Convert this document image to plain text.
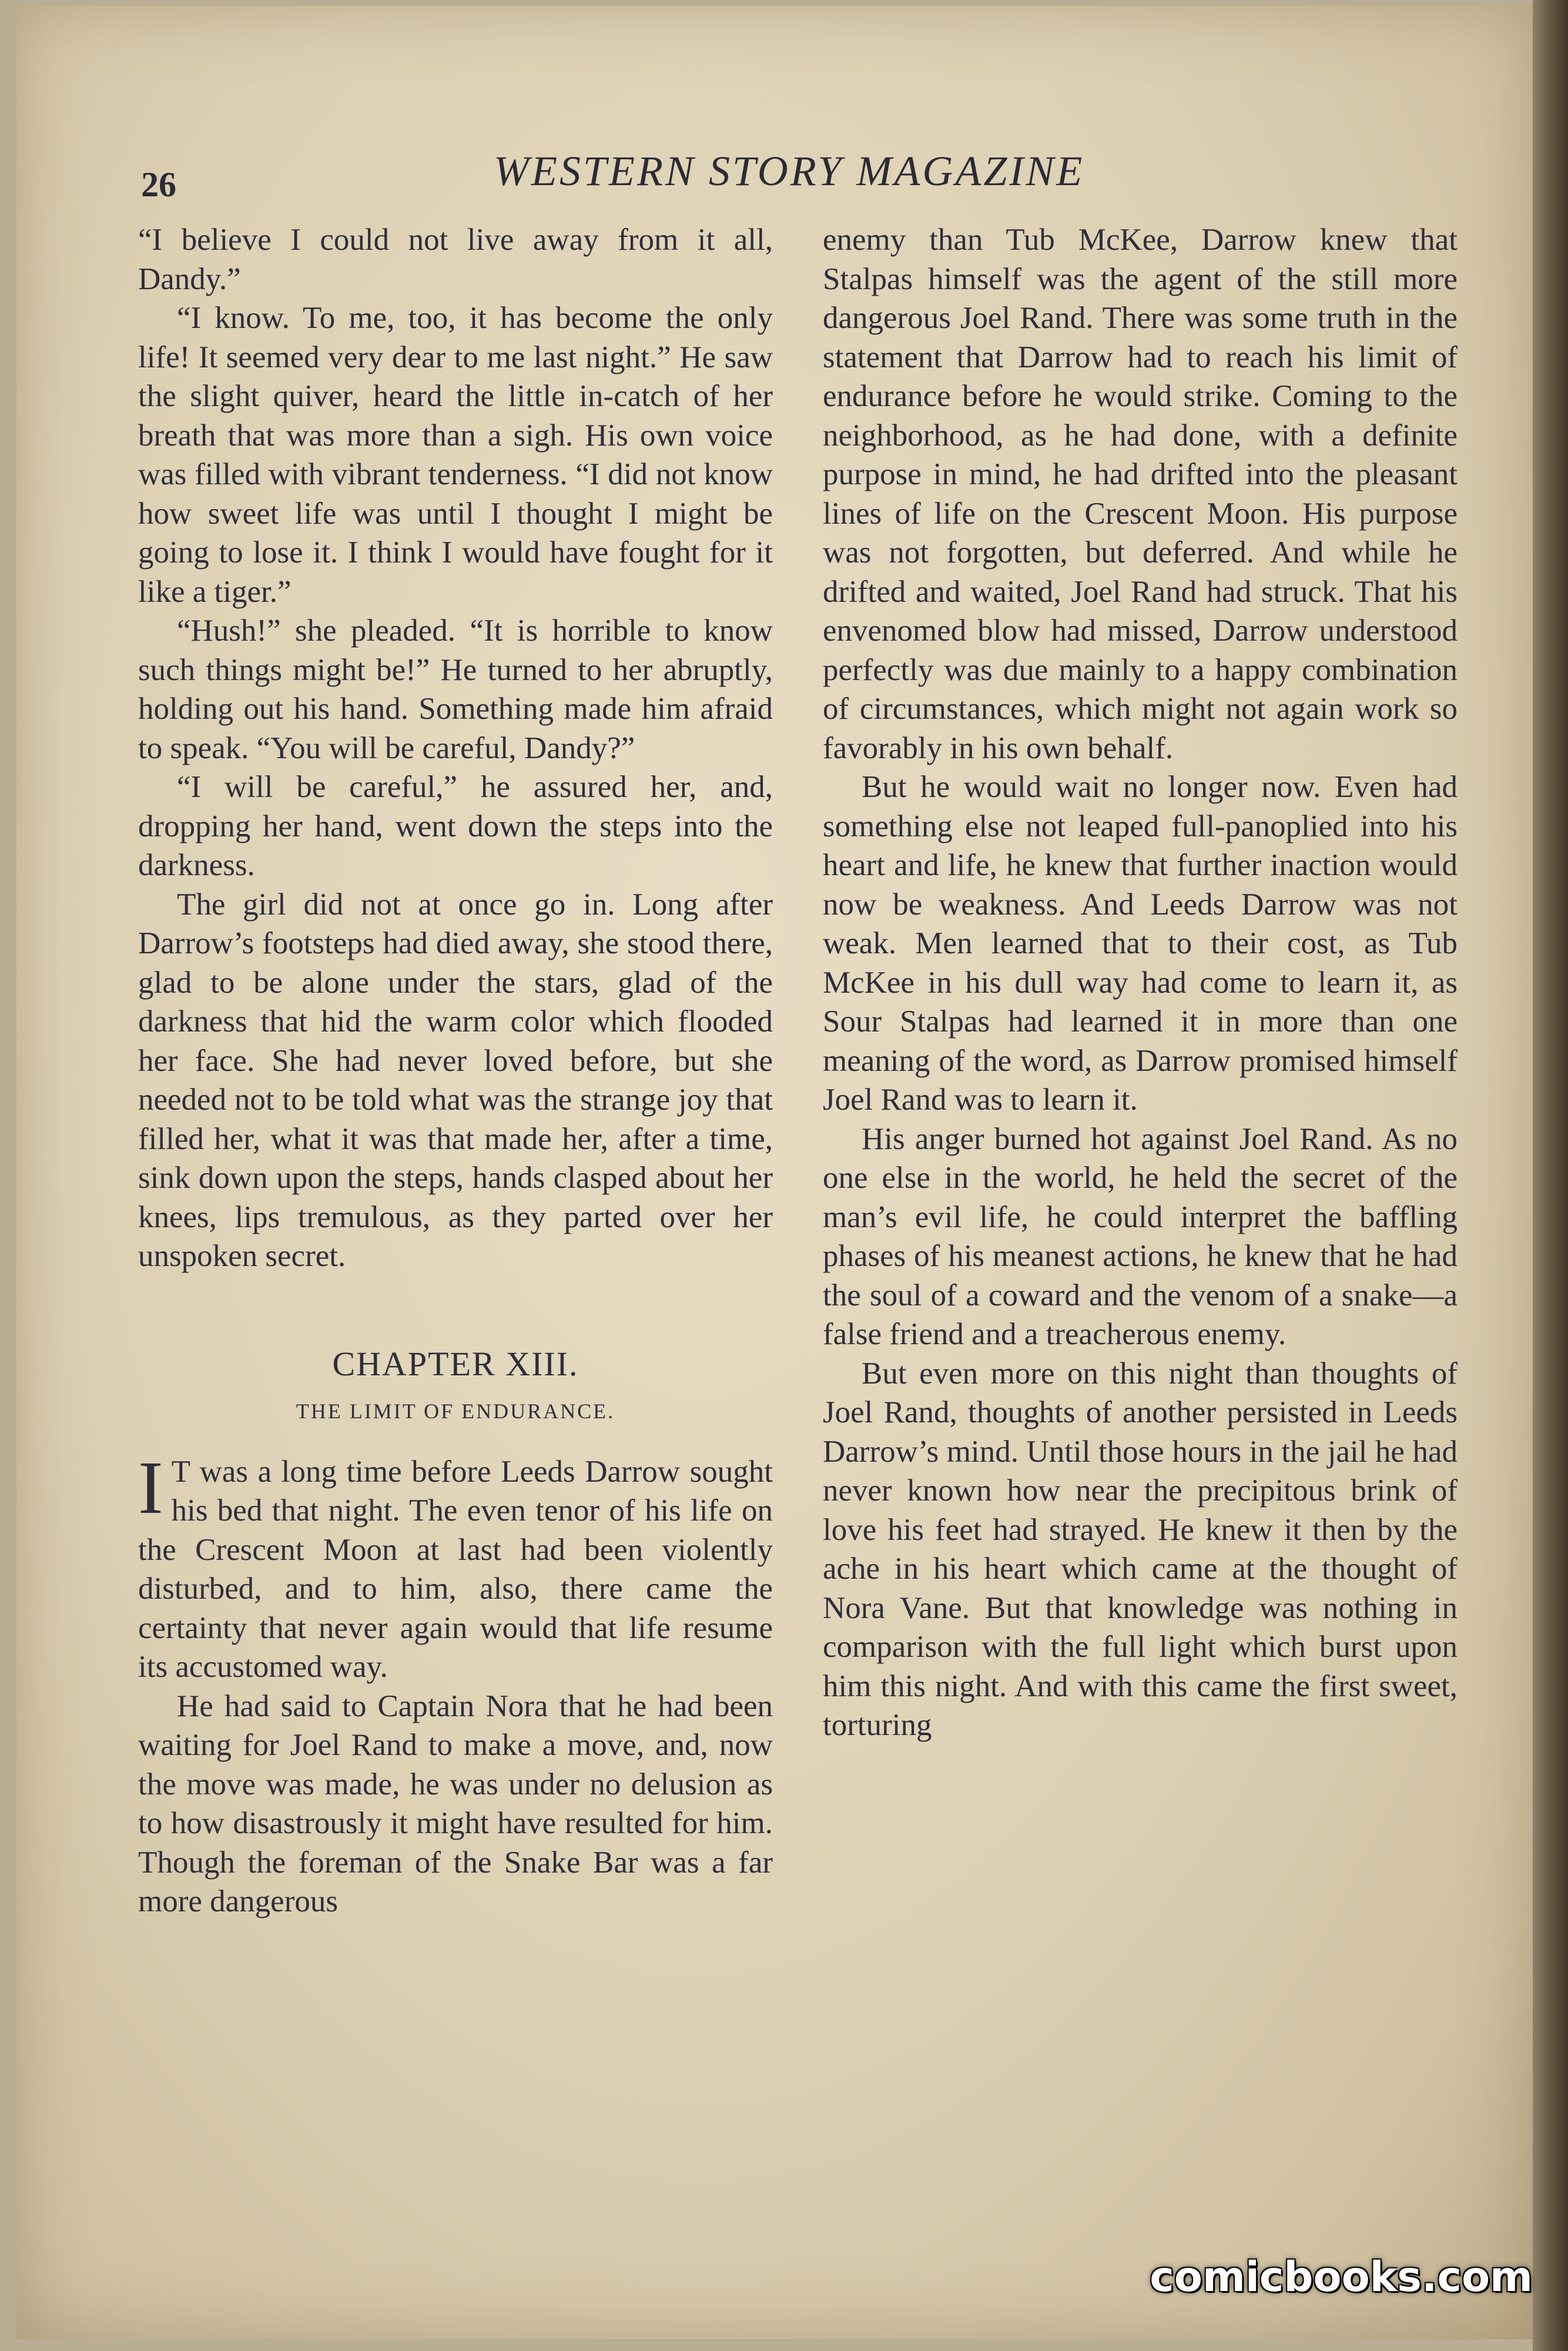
26	WESTERN STORY MAGAZINE

“I believe I could not live away from it all, Dandy.”

“I know. To me, too, it has become the only life! It seemed very dear to me last night.” He saw the slight quiver, heard the little in-catch of her breath that was more than a sigh. His own voice was filled with vibrant tenderness. “I did not know how sweet life was until I thought I might be going to lose it. I think I would have fought for it like a tiger.”

“Hush!” she pleaded. “It is horrible to know such things might be!” He turned to her abruptly, holding out his hand. Something made him afraid to speak. “You will be careful, Dandy?”

“I will be careful,” he assured her, and, dropping her hand, went down the steps into the darkness.

The girl did not at once go in. Long after Darrow’s footsteps had died away, she stood there, glad to be alone under the stars, glad of the darkness that hid the warm color which flooded her face. She had never loved before, but she needed not to be told what was the strange joy that filled her, what it was that made her, after a time, sink down upon the steps, hands clasped about her knees, lips tremulous, as they parted over her unspoken secret.

CHAPTER XIII.
THE LIMIT OF ENDURANCE.

I T was a long time before Leeds Darrow sought his bed that night. The even tenor of his life on the Crescent Moon at last had been violently disturbed, and to him, also, there came the certainty that never again would that life resume its accustomed way.

He had said to Captain Nora that he had been waiting for Joel Rand to make a move, and, now the move was made, he was under no delusion as to how disastrously it might have resulted for him. Though the foreman of the Snake Bar was a far more dangerous

enemy than Tub McKee, Darrow knew that Stalpas himself was the agent of the still more dangerous Joel Rand. There was some truth in the statement that Darrow had to reach his limit of endurance before he would strike. Coming to the neighborhood, as he had done, with a definite purpose in mind, he had drifted into the pleasant lines of life on the Crescent Moon. His purpose was not forgotten, but deferred. And while he drifted and waited, Joel Rand had struck. That his envenomed blow had missed, Darrow understood perfectly was due mainly to a happy combination of circumstances, which might not again work so favorably in his own behalf.

But he would wait no longer now. Even had something else not leaped full-panoplied into his heart and life, he knew that further inaction would now be weakness. And Leeds Darrow was not weak. Men learned that to their cost, as Tub McKee in his dull way had come to learn it, as Sour Stalpas had learned it in more than one meaning of the word, as Darrow promised himself Joel Rand was to learn it.

His anger burned hot against Joel Rand. As no one else in the world, he held the secret of the man’s evil life, he could interpret the baffling phases of his meanest actions, he knew that he had the soul of a coward and the venom of a snake—a false friend and a treacherous enemy.

But even more on this night than thoughts of Joel Rand, thoughts of another persisted in Leeds Darrow’s mind. Until those hours in the jail he had never known how near the precipitous brink of love his feet had strayed. He knew it then by the ache in his heart which came at the thought of Nora Vane. But that knowledge was nothing in comparison with the full light which burst upon him this night. And with this came the first sweet, torturing

comicbooks.com
